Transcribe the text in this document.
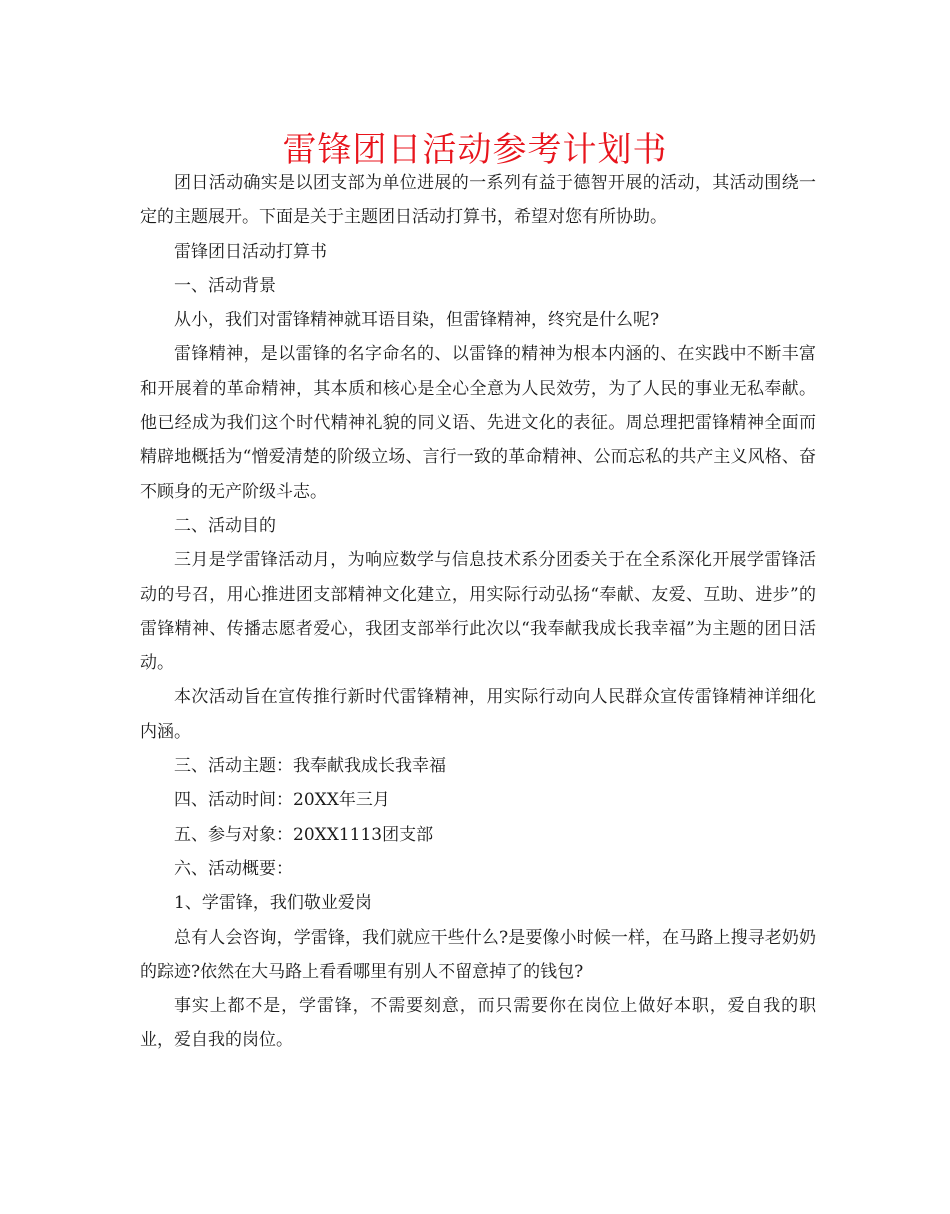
雷锋团日活动参考计划书

团日活动确实是以团支部为单位进展的一系列有益于德智开展的活动，其活动围绕一定的主题展开。下面是关于主题团日活动打算书，希望对您有所协助。

雷锋团日活动打算书

一、活动背景

从小，我们对雷锋精神就耳语目染，但雷锋精神，终究是什么呢?

雷锋精神，是以雷锋的名字命名的、以雷锋的精神为根本内涵的、在实践中不断丰富和开展着的革命精神，其本质和核心是全心全意为人民效劳，为了人民的事业无私奉献。他已经成为我们这个时代精神礼貌的同义语、先进文化的表征。周总理把雷锋精神全面而精辟地概括为“憎爱清楚的阶级立场、言行一致的革命精神、公而忘私的共产主义风格、奋不顾身的无产阶级斗志。

二、活动目的

三月是学雷锋活动月，为响应数学与信息技术系分团委关于在全系深化开展学雷锋活动的号召，用心推进团支部精神文化建立，用实际行动弘扬“奉献、友爱、互助、进步”的雷锋精神、传播志愿者爱心，我团支部举行此次以“我奉献我成长我幸福”为主题的团日活动。

本次活动旨在宣传推行新时代雷锋精神，用实际行动向人民群众宣传雷锋精神详细化内涵。

三、活动主题：我奉献我成长我幸福

四、活动时间：20XX年三月

五、参与对象：20XX1113团支部

六、活动概要：

1、学雷锋，我们敬业爱岗

总有人会咨询，学雷锋，我们就应干些什么?是要像小时候一样，在马路上搜寻老奶奶的踪迹?依然在大马路上看看哪里有别人不留意掉了的钱包?

事实上都不是，学雷锋，不需要刻意，而只需要你在岗位上做好本职，爱自我的职业，爱自我的岗位。
